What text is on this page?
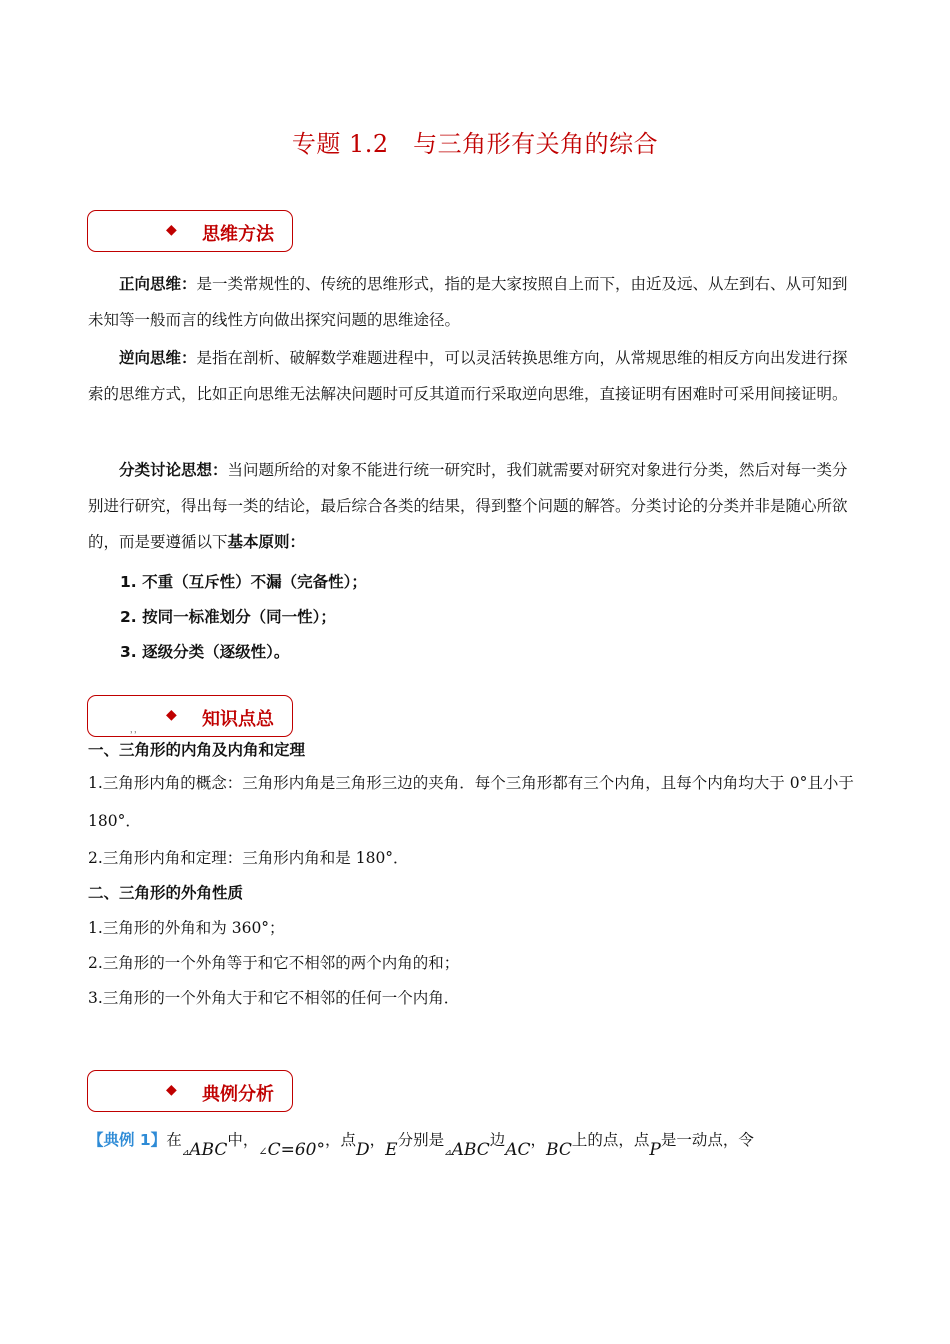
专题 1.2　与三角形有关角的综合
◆ 思维方法
正向思维：是一类常规性的、传统的思维形式，指的是大家按照自上而下，由近及远、从左到右、从可知到未知等一般而言的线性方向做出探究问题的思维途径。
逆向思维：是指在剖析、破解数学难题进程中，可以灵活转换思维方向，从常规思维的相反方向出发进行探索的思维方式，比如正向思维无法解决问题时可反其道而行采取逆向思维，直接证明有困难时可采用间接证明。
分类讨论思想：当问题所给的对象不能进行统一研究时，我们就需要对研究对象进行分类，然后对每一类分别进行研究，得出每一类的结论，最后综合各类的结果，得到整个问题的解答。分类讨论的分类并非是随心所欲的，而是要遵循以下基本原则：
1. 不重（互斥性）不漏（完备性）；
2. 按同一标准划分（同一性）；
3. 逐级分类（逐级性）。
◆ 知识点总
，，
一、三角形的内角及内角和定理
1.三角形内角的概念：三角形内角是三角形三边的夹角．每个三角形都有三个内角，且每个内角均大于 0°且小于 180°．
2.三角形内角和定理：三角形内角和是 180°．
二、三角形的外角性质
1.三角形的外角和为 360°；
2.三角形的一个外角等于和它不相邻的两个内角的和；
3.三角形的一个外角大于和它不相邻的任何一个内角．
◆ 典例分析
【典例 1】在$_⊿$ABC中，$_\angle$C=60°，点D，E分别是$_⊿$ABC边AC，BC上的点，点P是一动点，令
